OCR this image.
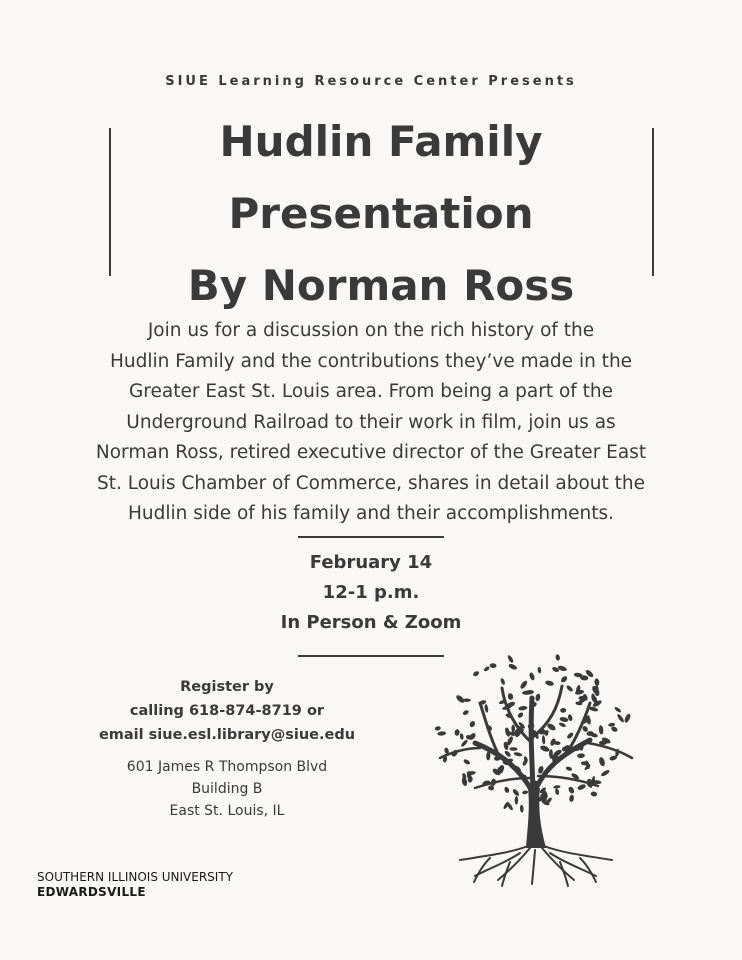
SIUE Learning Resource Center Presents
Hudlin Family
Presentation
By Norman Ross
Join us for a discussion on the rich history of the
Hudlin Family and the contributions they’ve made in the
Greater East St. Louis area. From being a part of the
Underground Railroad to their work in film, join us as
Norman Ross, retired executive director of the Greater East
St. Louis Chamber of Commerce, shares in detail about the
Hudlin side of his family and their accomplishments.
February 14
12-1 p.m.
In Person & Zoom
Register by
calling 618-874-8719 or
email siue.esl.library@siue.edu
601 James R Thompson Blvd
Building B
East St. Louis, IL
SOUTHERN ILLINOIS UNIVERSITY
EDWARDSVILLE
